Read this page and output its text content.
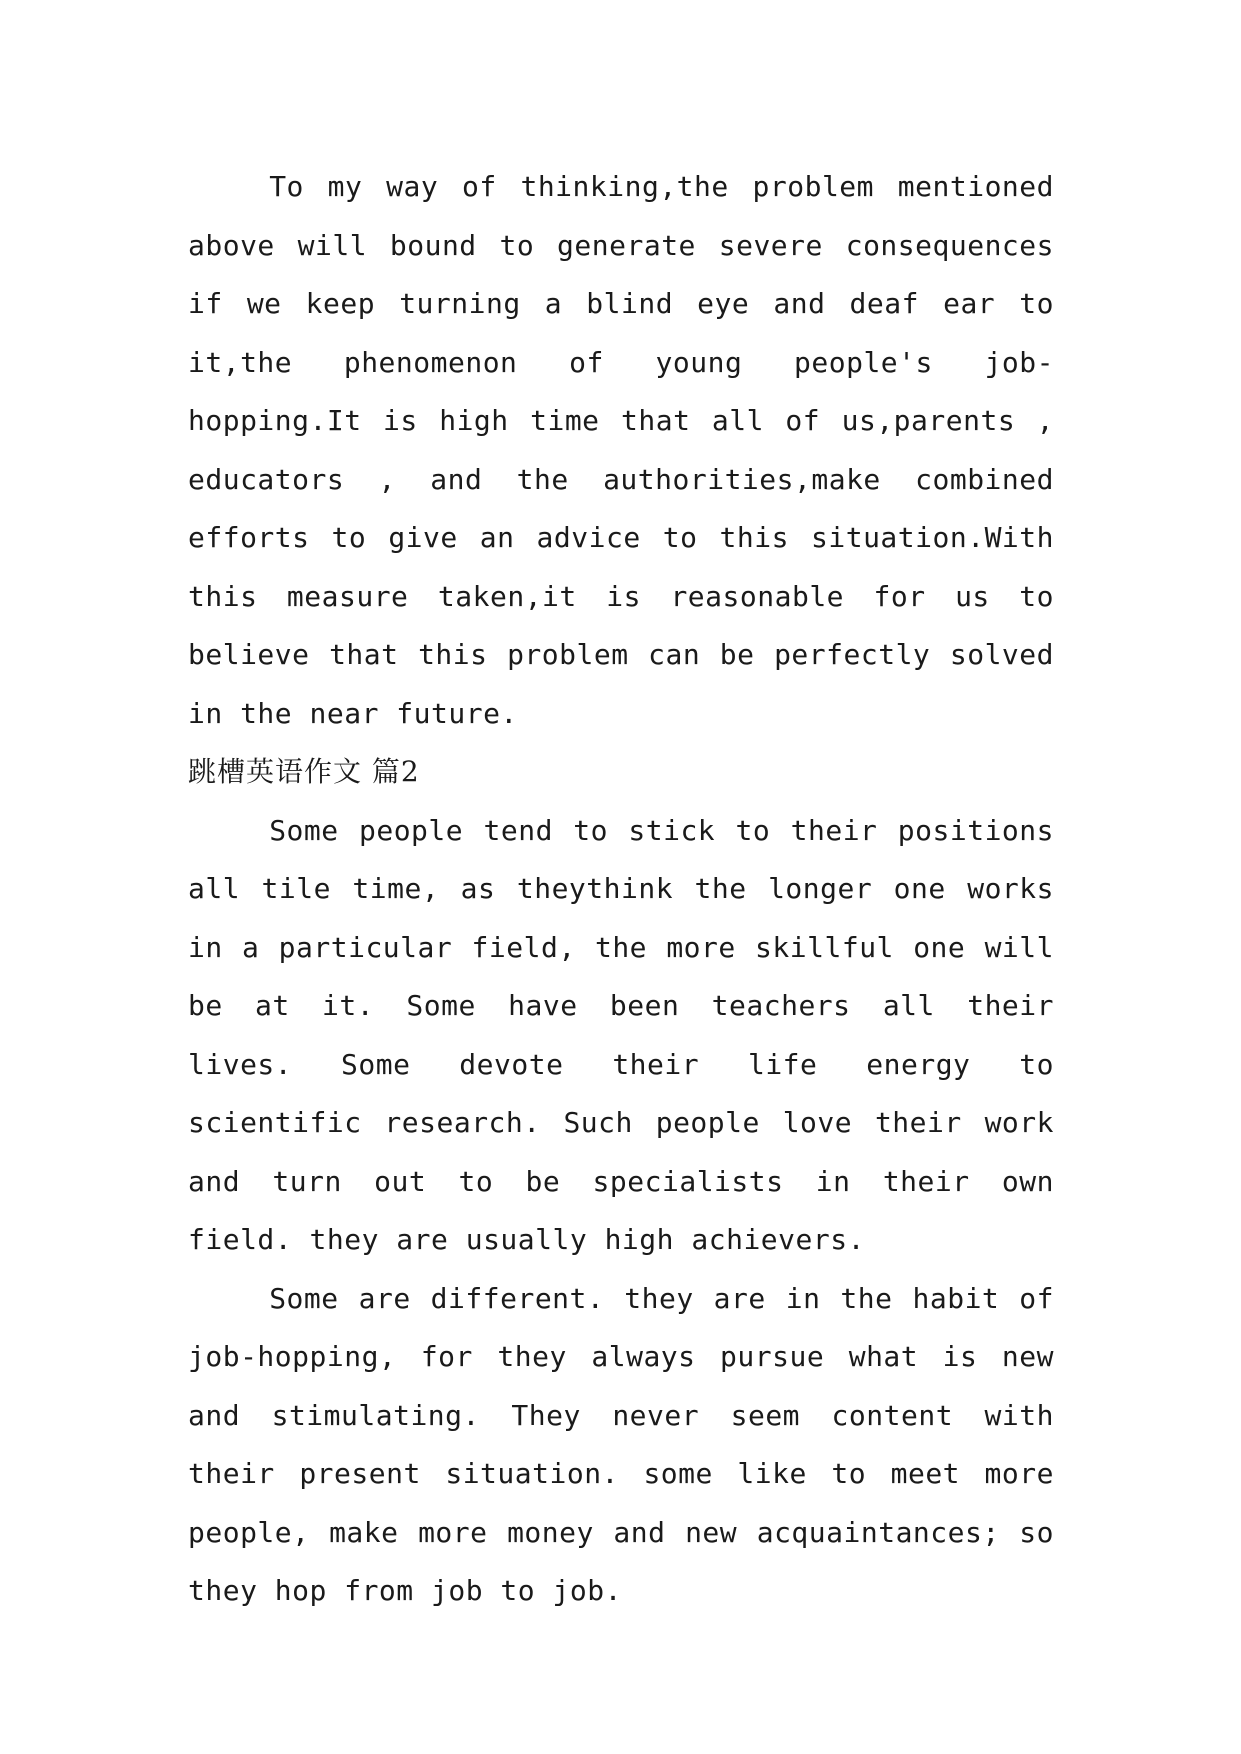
To my way of thinking,the problem mentioned above will bound to generate severe consequences if we keep turning a blind eye and deaf ear to it,the phenomenon of young people's job-hopping.It is high time that all of us,parents , educators , and the authorities,make combined efforts to give an advice to this situation.With this measure taken,it is reasonable for us to believe that this problem can be perfectly solved in the near future.

跳槽英语作文 篇2

Some people tend to stick to their positions all tile time, as theythink the longer one works in a particular field, the more skillful one will be at it. Some have been teachers all their lives. Some devote their life energy to scientific research. Such people love their work and turn out to be specialists in their own field. they are usually high achievers.

Some are different. they are in the habit of job-hopping, for they always pursue what is new and stimulating. They never seem content with their present situation. some like to meet more people, make more money and new acquaintances; so they hop from job to job.
